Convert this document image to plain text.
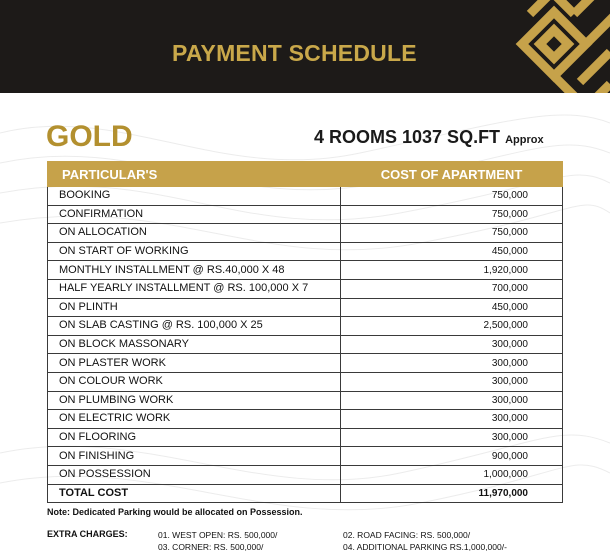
PAYMENT SCHEDULE
GOLD	4 ROOMS 1037 SQ.FT Approx
PARTICULAR'S	COST OF APARTMENT
BOOKING	750,000
CONFIRMATION	750,000
ON ALLOCATION	750,000
ON START OF WORKING	450,000
MONTHLY INSTALLMENT @ RS.40,000 X 48	1,920,000
HALF YEARLY INSTALLMENT @ RS. 100,000 X 7	700,000
ON PLINTH	450,000
ON SLAB CASTING @ RS. 100,000 X 25	2,500,000
ON BLOCK MASSONARY	300,000
ON PLASTER WORK	300,000
ON COLOUR WORK	300,000
ON PLUMBING WORK	300,000
ON ELECTRIC WORK	300,000
ON FLOORING	300,000
ON FINISHING	900,000
ON POSSESSION	1,000,000
TOTAL COST	11,970,000
Note: Dedicated Parking would be allocated on Possession.
EXTRA CHARGES:	01. WEST OPEN: RS. 500,000/	02. ROAD FACING: RS. 500,000/
03. CORNER: RS. 500,000/	04. ADDITIONAL PARKING RS.1,000,000/-
